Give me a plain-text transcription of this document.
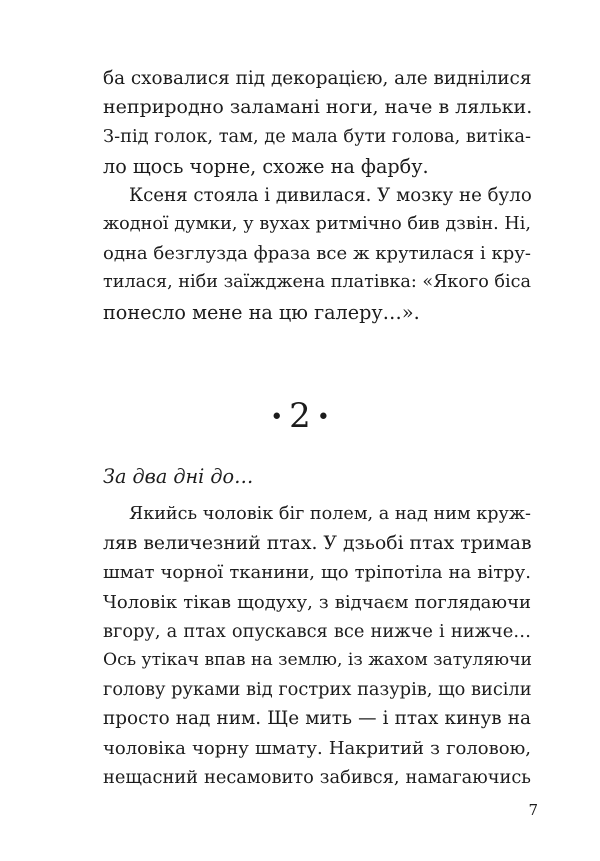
ба сховалися під декорацією, але виднілися
неприродно заламані ноги, наче в ляльки.
З-під голок, там, де мала бути голова, витіка-
ло щось чорне, схоже на фарбу.
Ксеня стояла і дивилася. У мозку не було
жодної думки, у вухах ритмічно бив дзвін. Ні,
одна безглузда фраза все ж крутилася і кру-
тилася, ніби заїжджена платівка: «Якого біса
понесло мене на цю галеру…».
• 2 •
За два дні до…
Якийсь чоловік біг полем, а над ним круж-
ляв величезний птах. У дзьобі птах тримав
шмат чорної тканини, що тріпотіла на вітру.
Чоловік тікав щодуху, з відчаєм поглядаючи
вгору, а птах опускався все нижче і нижче…
Ось утікач впав на землю, із жахом затуляючи
голову руками від гострих пазурів, що висіли
просто над ним. Ще мить — і птах кинув на
чоловіка чорну шмату. Накритий з головою,
нещасний несамовито забився, намагаючись
7
